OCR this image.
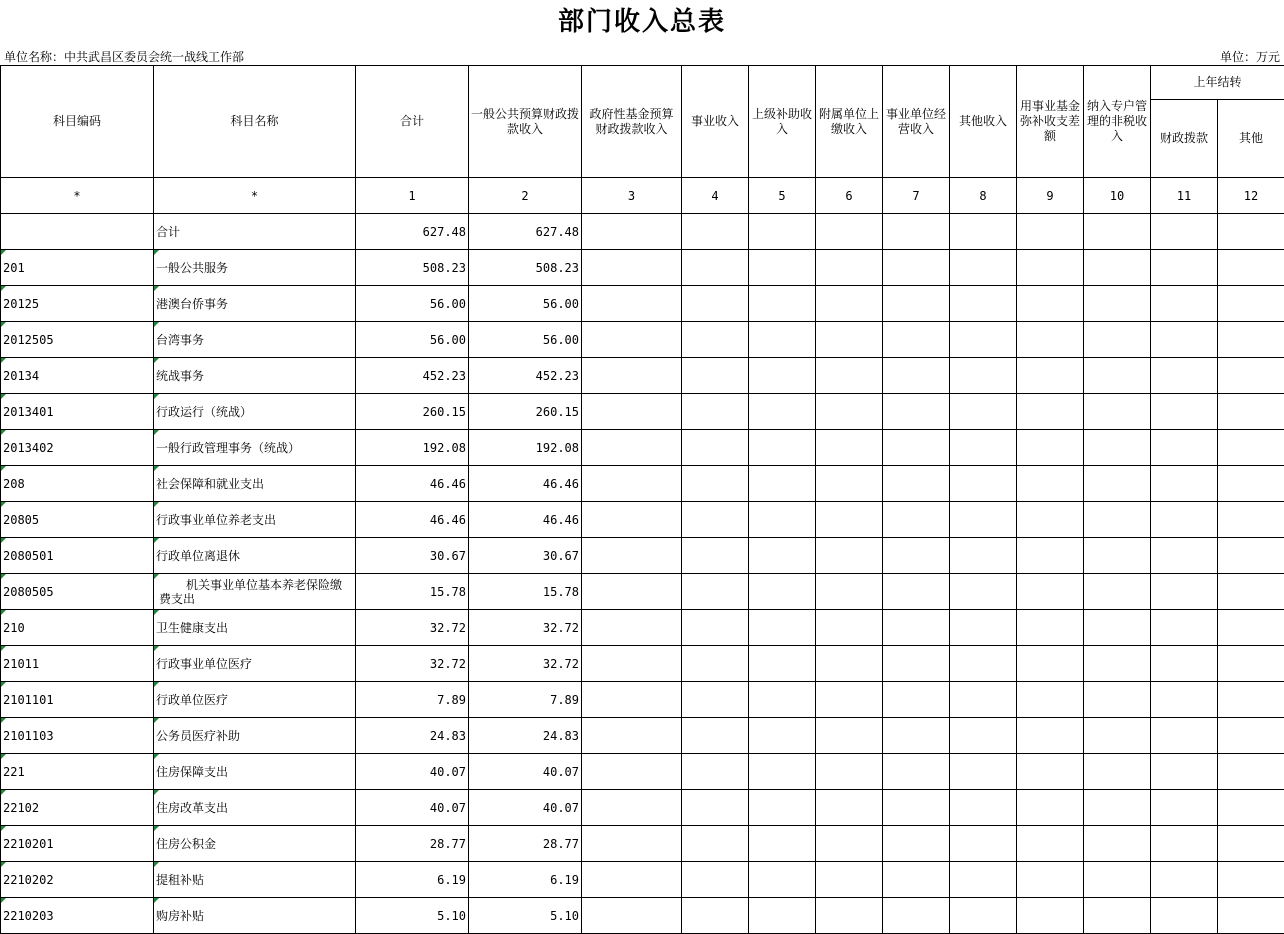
部门收入总表
单位名称：中共武昌区委员会统一战线工作部	单位：万元
科目编码	科目名称	合计	一般公共预算财政拨款收入	政府性基金预算财政拨款收入	事业收入	上级补助收入	附属单位上缴收入	事业单位经营收入	其他收入	用事业基金弥补收支差额	纳入专户管理的非税收入	上年结转	
												财政拨款	其他
*	*	1	2	3	4	5	6	7	8	9	10	11	12
	合计	627.48	627.48										

201	一般公共服务	508.23	508.23										

20125	港澳台侨事务	56.00	56.00										

2012505	台湾事务	56.00	56.00										

20134	统战事务	452.23	452.23										

2013401	行政运行（统战）	260.15	260.15										

2013402	一般行政管理事务（统战）	192.08	192.08										

208	社会保障和就业支出	46.46	46.46										

20805	行政事业单位养老支出	46.46	46.46										

2080501	行政单位离退休	30.67	30.67										

2080505	机关事业单位基本养老保险缴
费支出	15.78	15.78										

210	卫生健康支出	32.72	32.72										

21011	行政事业单位医疗	32.72	32.72										

2101101	行政单位医疗	7.89	7.89										

2101103	公务员医疗补助	24.83	24.83										

221	住房保障支出	40.07	40.07										

22102	住房改革支出	40.07	40.07										

2210201	住房公积金	28.77	28.77										

2210202	提租补贴	6.19	6.19										

2210203	购房补贴	5.10	5.10										
